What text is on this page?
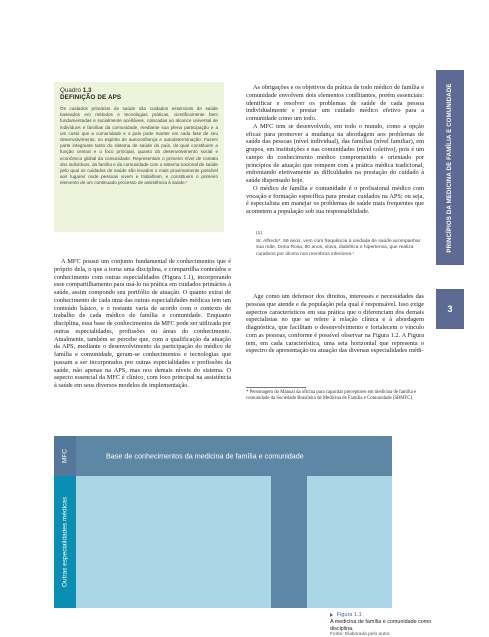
Quadro 1.3
DEFINIÇÃO DE APS
Os cuidados primários de saúde são cuidados essenciais de saúde baseados em métodos e tecnologias práticas, cientificamente bem fundamentadas e socialmente aceitáveis, colocadas ao alcance universal de indivíduos e famílias da comunidade, mediante sua plena participação e a um custo que a comunidade e o país pode manter em cada fase de seu desenvolvimento, no espírito de autoconfiança e autodeterminação. Fazem parte integrante tanto do sistema de saúde do país, do qual constituem a função central e o foco principal, quanto do desenvolvimento social e econômico global da comunidade. Representam o primeiro nível de contato dos indivíduos, da família e da comunidade com o sistema nacional de saúde pelo qual os cuidados de saúde são levados o mais proximamente possível aos lugares onde pessoas vivem e trabalham, e constituem o primeiro elemento de um continuado processo de assistência à saúde.⁷

A MFC possui um conjunto fundamental de conhecimentos que é próprio dela, o que a torna uma disciplina, e compartilha conteúdos e conhecimento com outras especialidades (Figura 1.1), incorporando esse compartilhamento para usá-lo na prática em cuidados primários à saúde, assim compondo seu portfólio de atuação. O quanto extrai de conhecimento de cada uma das outras especialidades médicas tem um conteúdo básico, e o restante varia de acordo com o contexto de trabalho de cada médico de família e comunidade. Enquanto disciplina, essa base de conhecimentos da MFC pode ser utilizada por outras especialidades, profissões ou áreas do conhecimento. Atualmente, também se percebe que, com a qualificação da atuação da APS, mediante o desenvolvimento da participação do médico de família e comunidade, geram-se conhecimentos e tecnologias que passam a ser incorporados por outras especialidades e profissões da saúde, não apenas na APS, mas nos demais níveis do sistema. O aspecto essencial da MFC é clínico, com foco principal na assistência à saúde em seus diversos modelos de implementação.

As obrigações e os objetivos da prática de todo médico de família e comunidade envolvem dois elementos conflitantes, porém essenciais: identificar e resolver os problemas de saúde de cada pessoa individualmente e prestar um cuidado médico efetivo para a comunidade como um todo.

A MFC tem se desenvolvido, em todo o mundo, como a opção eficaz para promover a mudança na abordagem aos problemas de saúde das pessoas (nível individual), das famílias (nível familiar), em grupos, em instituições e nas comunidades (nível coletivo), pois é um campo do conhecimento médico comprometido e orientado por princípios de atuação que rompem com a prática médica tradicional, enfrentando efetivamente as dificuldades na prestação do cuidado à saúde dispensado hoje.

O médico de família e comunidade é o profissional médico com vocação e formação específica para prestar cuidados na APS; ou seja, é especialista em manejar os problemas de saúde mais frequentes que acometem a população sob sua responsabilidade.

(1)
Sr. Alfredo*, 59 anos, vem com frequência à unidade de saúde acompanhar sua mãe, Dona Rosa, 80 anos, viúva, diabética e hipertensa, que realiza curativos por úlcera nos membros inferiores.⁷

Age como um defensor dos direitos, interesses e necessidades das pessoas que atende e da população pela qual é responsável. Isso exige aspectos característicos em sua prática que o diferenciam dos demais especialistas no que se refere à relação clínica e à abordagem diagnóstica, que facilitam o desenvolvimento e fortalecem o vínculo com as pessoas, conforme é possível observar na Figura 1.2. A Figura tem, em cada característica, uma seta horizontal que representa o espectro de apresentação ou atuação das diversas especialidades médi-

* Personagem do Manual da oficina para capacitar preceptores em medicina de família e comunidade da Sociedade Brasileira de Medicina de Família e Comunidade (SBMFC).
PRINCÍPIOS DA MEDICINA DE FAMÍLIA E COMUNIDADE
3
Base de conhecimentos da medicina de família e comunidade
MFC
Outras especialidades médicas
Figura 1.1
A medicina de família e comunidade como disciplina.
Fonte: Elaborada pelo autor.
